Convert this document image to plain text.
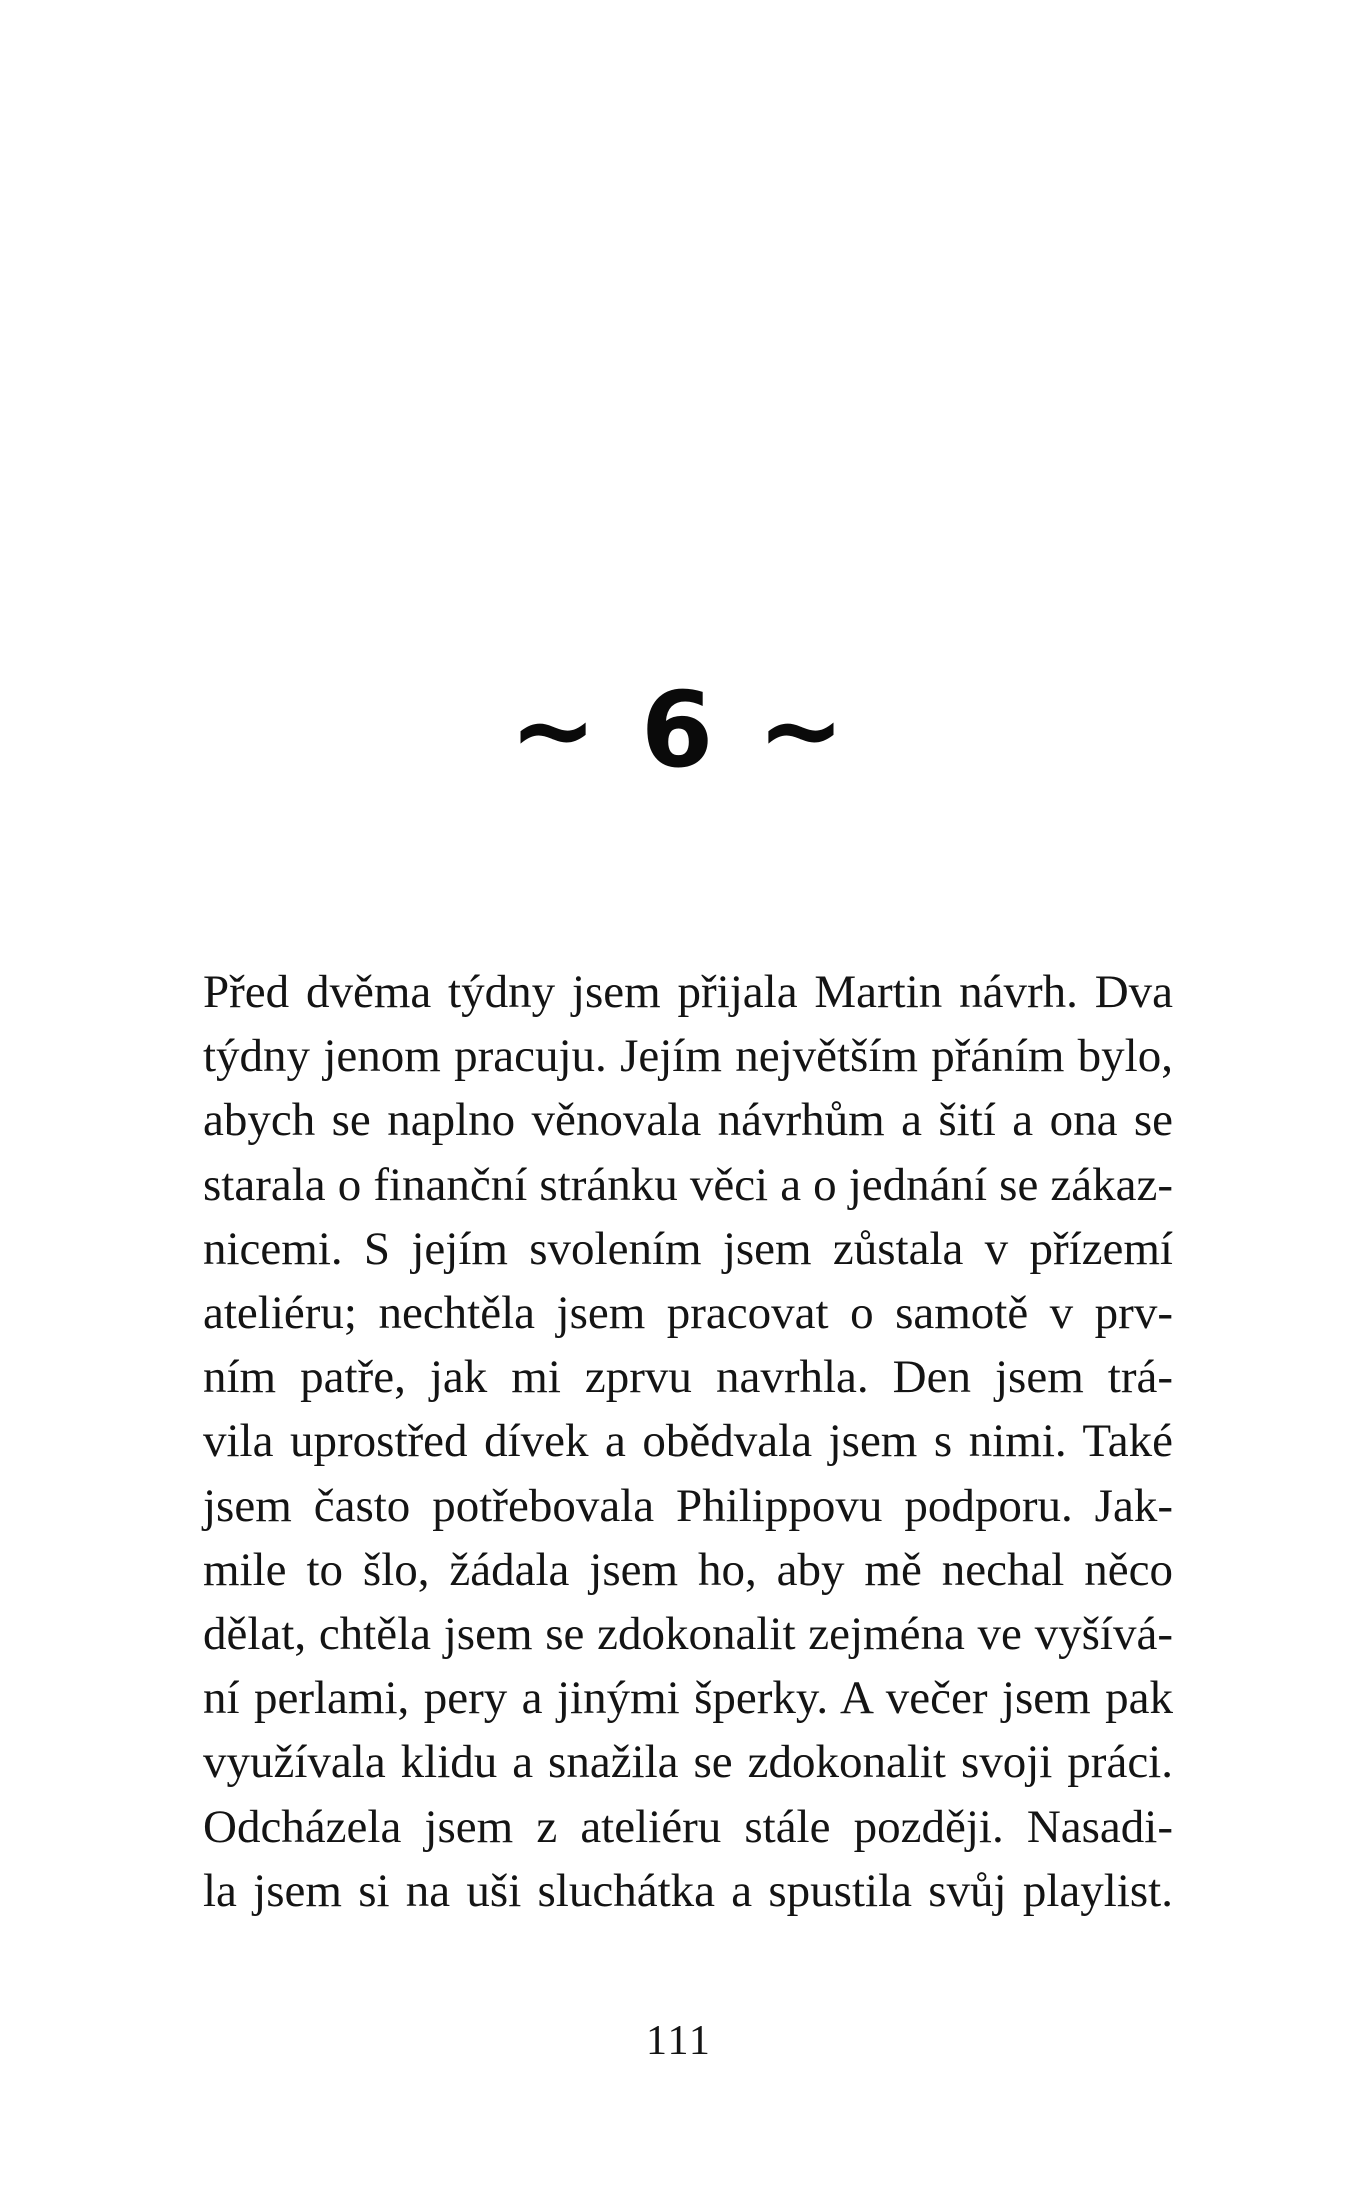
~ 6 ~
Před dvěma týdny jsem přijala Martin návrh. Dva
týdny jenom pracuju. Jejím největším přáním bylo,
abych se naplno věnovala návrhům a šití a ona se
starala o finanční stránku věci a o jednání se zákaz-
nicemi. S jejím svolením jsem zůstala v přízemí
ateliéru; nechtěla jsem pracovat o samotě v prv-
ním patře, jak mi zprvu navrhla. Den jsem trá-
vila uprostřed dívek a obědvala jsem s nimi. Také
jsem často potřebovala Philippovu podporu. Jak-
mile to šlo, žádala jsem ho, aby mě nechal něco
dělat, chtěla jsem se zdokonalit zejména ve vyšívá-
ní perlami, pery a jinými šperky. A večer jsem pak
využívala klidu a snažila se zdokonalit svoji práci.
Odcházela jsem z ateliéru stále později. Nasadi-
la jsem si na uši sluchátka a spustila svůj playlist.
111
